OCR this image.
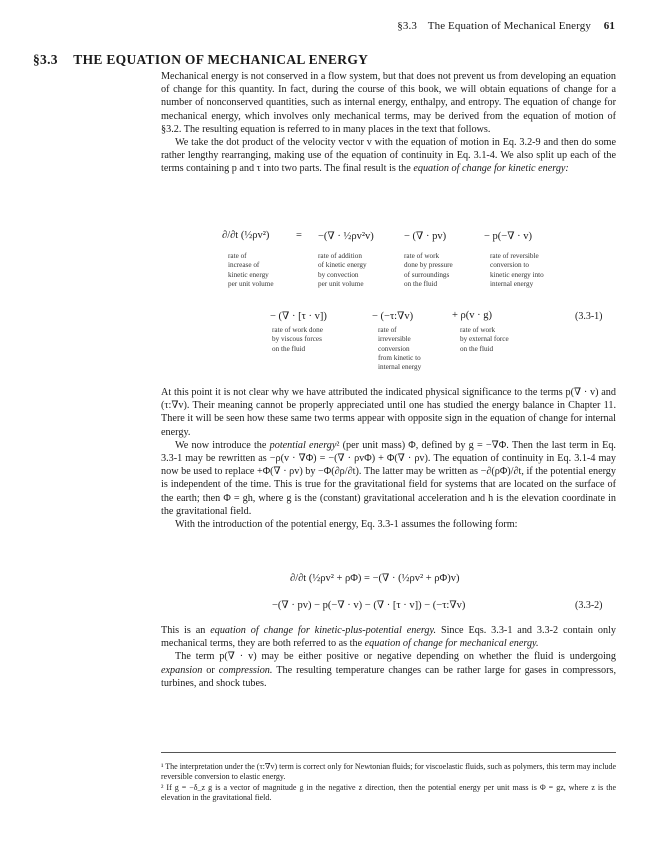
§3.3 The Equation of Mechanical Energy 61
§3.3 THE EQUATION OF MECHANICAL ENERGY

Mechanical energy is not conserved in a flow system, but that does not prevent us from developing an equation of change for this quantity. In fact, during the course of this book, we will obtain equations of change for a number of nonconserved quantities, such as internal energy, enthalpy, and entropy. The equation of change for mechanical energy, which involves only mechanical terms, may be derived from the equation of motion of §3.2. The resulting equation is referred to in many places in the text that follows.

We take the dot product of the velocity vector v with the equation of motion in Eq. 3.2-9 and then do some rather lengthy rearranging, making use of the equation of continuity in Eq. 3.1-4. We also split up each of the terms containing p and τ into two parts. The final result is the equation of change for kinetic energy:

∂/∂t (½ρv²)	= −(∇ · ½ρv²v)	− (∇ · pv)	− p(−∇ · v)
rate of
increase of
kinetic energy
per unit volume
rate of addition
of kinetic energy
by convection
per unit volume
rate of work
done by pressure
of surroundings
on the fluid
rate of reversible
conversion to
kinetic energy into
internal energy
− (∇ · [τ · v])	− (−τ:∇v)	+ ρ(v · g)	(3.3-1)
rate of work done
by viscous forces
on the fluid
rate of
irreversible
conversion
from kinetic to
internal energy
rate of work
by external force
on the fluid

At this point it is not clear why we have attributed the indicated physical significance to the terms p(∇ · v) and (τ:∇v). Their meaning cannot be properly appreciated until one has studied the energy balance in Chapter 11. There it will be seen how these same two terms appear with opposite sign in the equation of change for internal energy.

We now introduce the potential energy² (per unit mass) Φ, defined by g = −∇Φ. Then the last term in Eq. 3.3-1 may be rewritten as −ρ(v · ∇Φ) = −(∇ · ρvΦ) + Φ(∇ · ρv). The equation of continuity in Eq. 3.1-4 may now be used to replace +Φ(∇ · ρv) by −Φ(∂ρ/∂t). The latter may be written as −∂(ρΦ)/∂t, if the potential energy is independent of the time. This is true for the gravitational field for systems that are located on the surface of the earth; then Φ = gh, where g is the (constant) gravitational acceleration and h is the elevation coordinate in the gravitational field.

With the introduction of the potential energy, Eq. 3.3-1 assumes the following form:

∂/∂t (½ρv² + ρΦ) = −(∇ · (½ρv² + ρΦ)v)
−(∇ · pv) − p(−∇ · v) − (∇ · [τ · v]) − (−τ:∇v)	(3.3-2)

This is an equation of change for kinetic-plus-potential energy. Since Eqs. 3.3-1 and 3.3-2 contain only mechanical terms, they are both referred to as the equation of change for mechanical energy.

The term p(∇ · v) may be either positive or negative depending on whether the fluid is undergoing expansion or compression. The resulting temperature changes can be rather large for gases in compressors, turbines, and shock tubes.

¹ The interpretation under the (τ:∇v) term is correct only for Newtonian fluids; for viscoelastic fluids, such as polymers, this term may include reversible conversion to elastic energy.

² If g = −δ_z g is a vector of magnitude g in the negative z direction, then the potential energy per unit mass is Φ = gz, where z is the elevation in the gravitational field.
